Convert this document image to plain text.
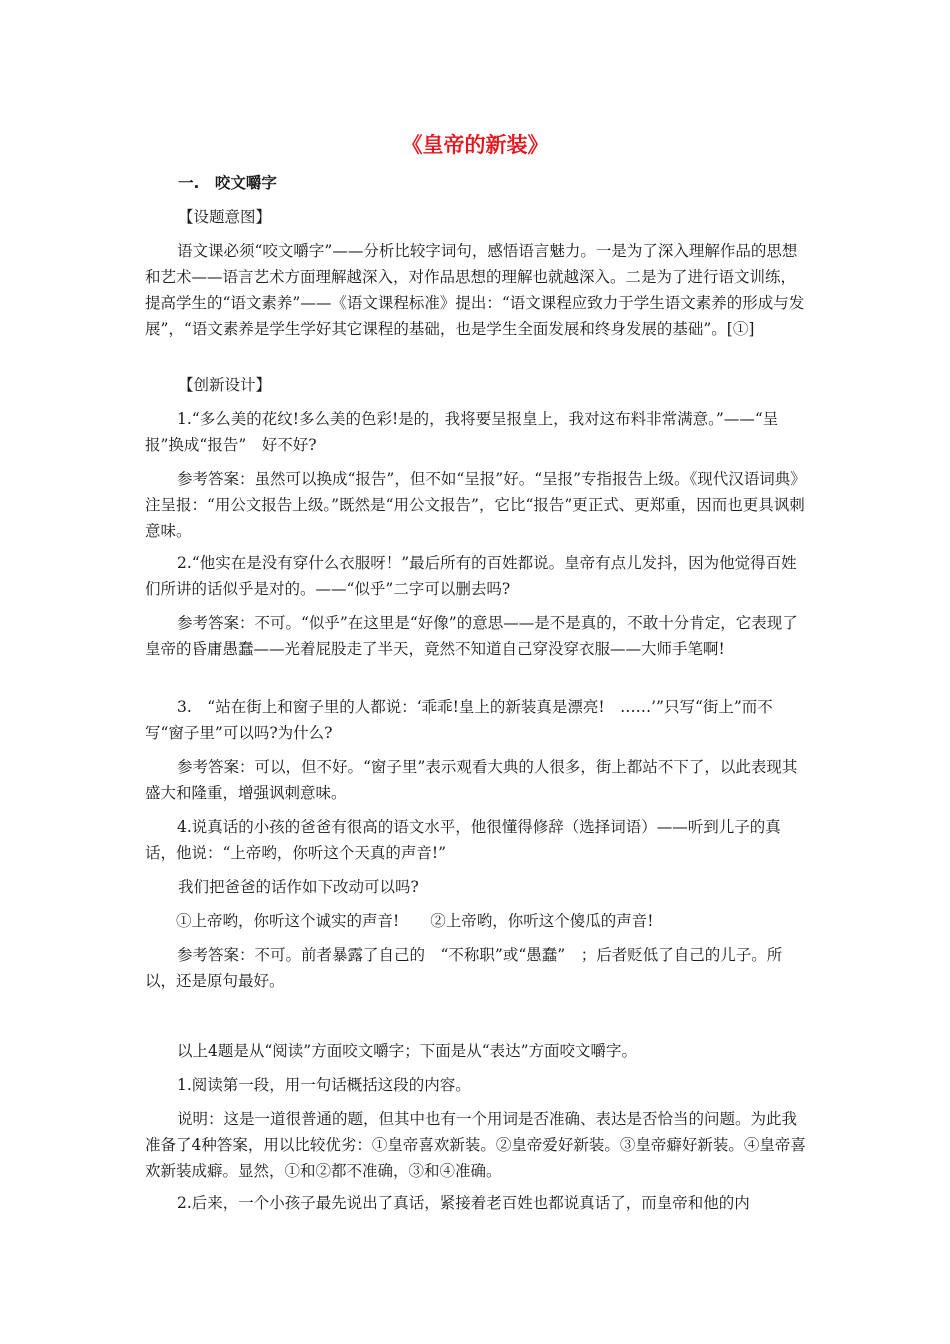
《皇帝的新装》
一.　咬文嚼字
【设题意图】

语文课必须“咬文嚼字”——分析比较字词句，感悟语言魅力。一是为了深入理解作品的思想和艺术——语言艺术方面理解越深入，对作品思想的理解也就越深入。二是为了进行语文训练，提高学生的“语文素养”——《语文课程标准》提出：“语文课程应致力于学生语文素养的形成与发展”，“语文素养是学生学好其它课程的基础，也是学生全面发展和终身发展的基础”。[①]

【创新设计】

1.“多么美的花纹!多么美的色彩!是的，我将要呈报皇上，我对这布料非常满意。”——“呈报”换成“报告”　好不好?

参考答案：虽然可以换成“报告”，但不如“呈报”好。“呈报”专指报告上级。《现代汉语词典》注呈报：“用公文报告上级。”既然是“用公文报告”，它比“报告”更正式、更郑重，因而也更具讽刺意味。

2.“他实在是没有穿什么衣服呀！”最后所有的百姓都说。皇帝有点儿发抖，因为他觉得百姓们所讲的话似乎是对的。——“似乎”二字可以删去吗?

参考答案：不可。“似乎”在这里是“好像”的意思——是不是真的，不敢十分肯定，它表现了皇帝的昏庸愚蠢——光着屁股走了半天，竟然不知道自己穿没穿衣服——大师手笔啊!

3.　“站在街上和窗子里的人都说：‘乖乖!皇上的新装真是漂亮!　……’”只写“街上”而不写“窗子里”可以吗?为什么?

参考答案：可以，但不好。“窗子里”表示观看大典的人很多，街上都站不下了，以此表现其盛大和隆重，增强讽刺意味。

4.说真话的小孩的爸爸有很高的语文水平，他很懂得修辞（选择词语）——听到儿子的真话，他说：“上帝哟，你听这个天真的声音!”

我们把爸爸的话作如下改动可以吗?
①上帝哟，你听这个诚实的声音!　　②上帝哟，你听这个傻瓜的声音!

参考答案：不可。前者暴露了自己的　“不称职”或“愚蠢”　；后者贬低了自己的儿子。所以，还是原句最好。

以上4题是从“阅读”方面咬文嚼字；下面是从“表达”方面咬文嚼字。

1.阅读第一段，用一句话概括这段的内容。

说明：这是一道很普通的题，但其中也有一个用词是否准确、表达是否恰当的问题。为此我准备了4种答案，用以比较优劣：①皇帝喜欢新装。②皇帝爱好新装。③皇帝癖好新装。④皇帝喜欢新装成癖。显然，①和②都不准确，③和④准确。

2.后来，一个小孩子最先说出了真话，紧接着老百姓也都说真话了，而皇帝和他的内
